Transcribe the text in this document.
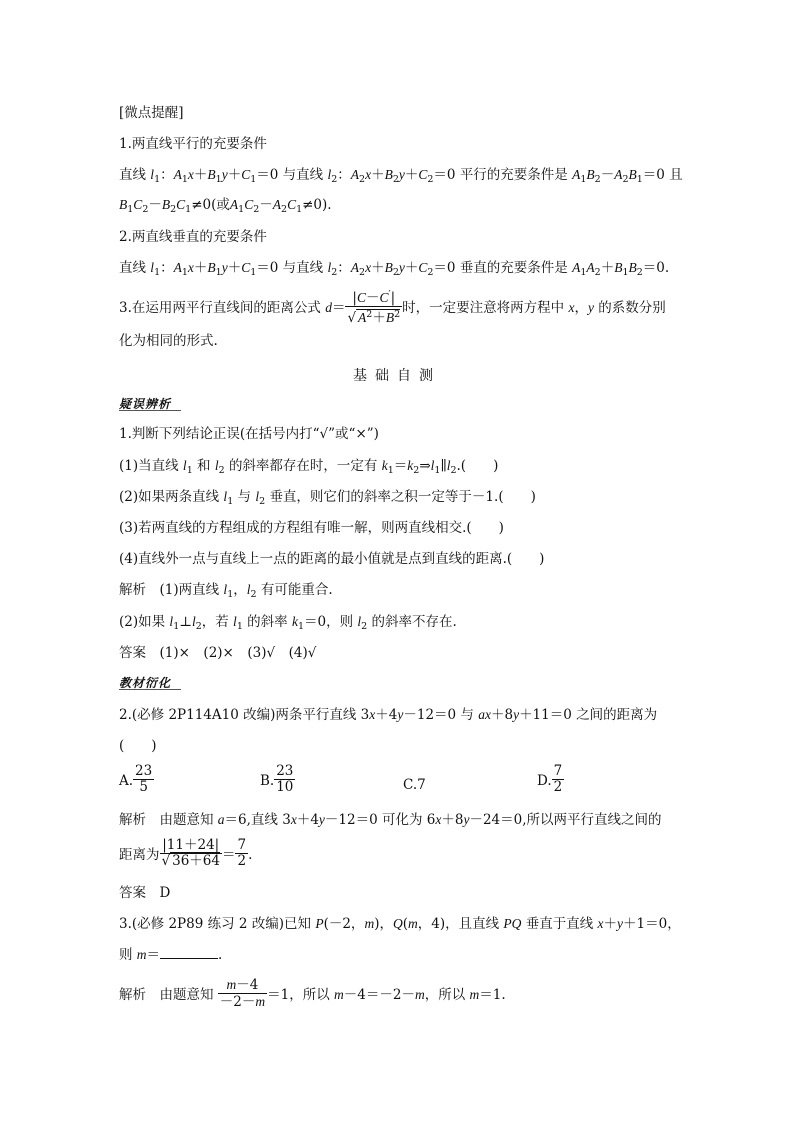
[微点提醒]
1.两直线平行的充要条件
直线 $l_1$：$A_1x+B_1y+C_1=0$ 与直线 $l_2$：$A_2x+B_2y+C_2=0$ 平行的充要条件是 $A_1B_2-A_2B_1=0$ 且
$B_1C_2-B_2C_1\ne 0$(或$A_1C_2-A_2C_1\ne 0$).
2.两直线垂直的充要条件
直线 $l_1$：$A_1x+B_1y+C_1=0$ 与直线 $l_2$：$A_2x+B_2y+C_2=0$ 垂直的充要条件是 $A_1A_2+B_1B_2=0$.
3.在运用两平行直线间的距离公式 $d= \frac{|C-C'|}{√ A^2+B^2}$ 时，一定要注意将两方程中 x，y 的系数分别
化为相同的形式.
基础自测
疑误辨析
1.判断下列结论正误(在括号内打“√”或“×”)
(1)当直线 $l_1$ 和 $l_2$ 的斜率都存在时，一定有 $k_1=k_2\Rightarrow l_1\parallel l_2$.(　　)
(2)如果两条直线 $l_1$ 与 $l_2$ 垂直，则它们的斜率之积一定等于－1.(　　)
(3)若两直线的方程组成的方程组有唯一解，则两直线相交.(　　)
(4)直线外一点与直线上一点的距离的最小值就是点到直线的距离.(　　)
解析　 (1)两直线 $l_1$，$l_2$ 有可能重合.
(2)如果 $l_1\perp l_2$，若 $l_1$ 的斜率 $k_1=0$，则 $l_2$ 的斜率不存在.
答案　 (1)×　(2)×　(3)√　(4)√
教材衍化
2.(必修 2P114A10 改编)两条平行直线 3x＋4y－12＝0 与 ax＋8y＋11＝0 之间的距离为
(　　)
A. $\frac{23}{5}$	B. $\frac{23}{10}$	C.7	D. $\frac{7}{2}$
解析　 由题意知 a＝6,直线 3x＋4y－12＝0 可化为 6x＋8y－24＝0,所以两平行直线之间的
距离为 $\frac{|11+24|}{√ 36+64} = \frac{7}{2}$ .
答案　 D
3.(必修 2P89 练习 2 改编)已知 P(－2，m)，Q(m，4)，且直线 PQ 垂直于直线 x＋y＋1＝0，
则 m＝	.
解析　 由题意知 $\frac{m-4}{-2-m} =1$，所以 m－4＝－2－m，所以 m＝1.
